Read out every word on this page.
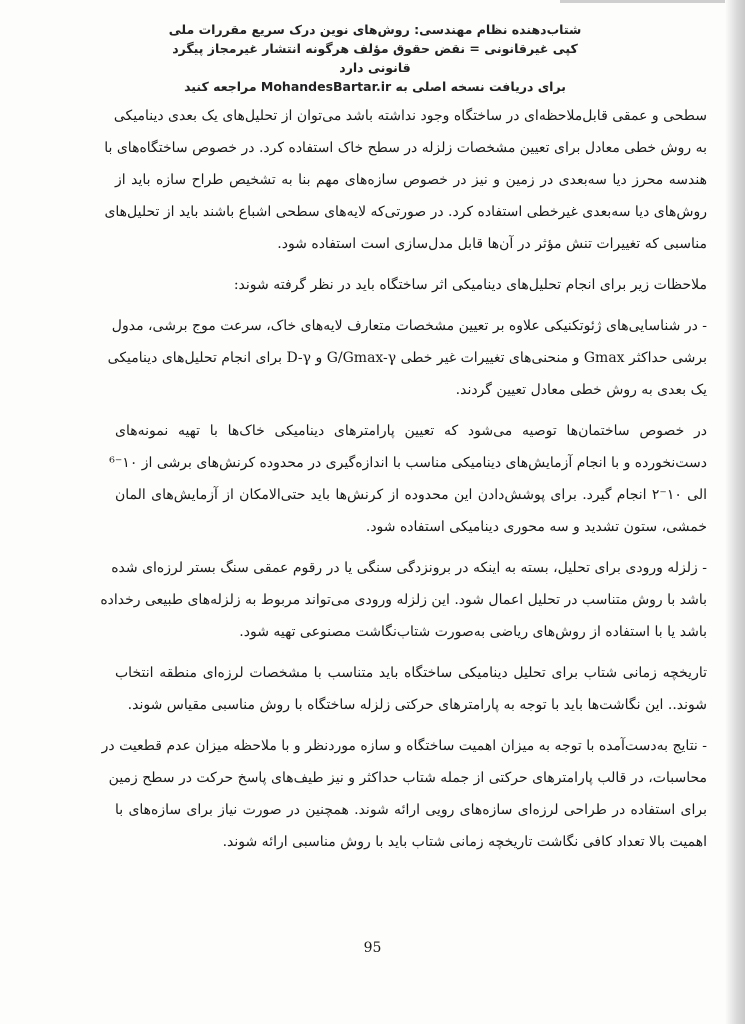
شتاب‌دهنده نظام مهندسی: روش‌های نوین درک سریع مقررات ملی
کپی غیرقانونی = نقض حقوق مؤلف هرگونه انتشار غیرمجاز پیگرد قانونی دارد
برای دریافت نسخه اصلی به MohandesBartar.ir مراجعه کنید
سطحی و عمقی قابل‌ملاحظه‌ای در ساختگاه وجود نداشته باشد می‌توان از تحلیل‌های یک بعدی دینامیکی
به روش خطی معادل برای تعیین مشخصات زلزله در سطح خاک استفاده کرد. در خصوص ساختگاه‌های با
هندسه محرز دیا سه‌بعدی در زمین و نیز در خصوص سازه‌های مهم بنا به تشخیص طراح سازه باید از
روش‌های دیا سه‌بعدی غیرخطی استفاده کرد. در صورتی‌که لایه‌های سطحی اشباع باشند باید از تحلیل‌های
مناسبی که تغییرات تنش مؤثر در آن‌ها قابل مدل‌سازی است استفاده شود.
ملاحظات زیر برای انجام تحلیل‌های دینامیکی اثر ساختگاه باید در نظر گرفته شوند:
- در شناسایی‌های ژئوتکنیکی علاوه بر تعیین مشخصات متعارف لایه‌های خاک، سرعت موج برشی، مدول
برشی حداکثر Gmax و منحنی‌های تغییرات غیر خطی G/Gmax-γ و D-γ برای انجام تحلیل‌های دینامیکی
یک بعدی به روش خطی معادل تعیین گردند.
در خصوص ساختمان‌ها توصیه می‌شود که تعیین پارامترهای دینامیکی خاک‌ها با تهیه نمونه‌های
دست‌نخورده و با انجام آزمایش‌های دینامیکی مناسب با اندازه‌گیری در محدوده کرنش‌های برشی از ۱۰⁻⁶
الی ۱۰⁻۲ انجام گیرد. برای پوشش‌دادن این محدوده از کرنش‌ها باید حتی‌الامکان از آزمایش‌های المان
خمشی، ستون تشدید و سه محوری دینامیکی استفاده شود.
- زلزله ورودی برای تحلیل، بسته به اینکه در برونزدگی سنگی یا در رقوم عمقی سنگ بستر لرزه‌ای شده
باشد با روش متناسب در تحلیل اعمال شود. این زلزله ورودی می‌تواند مربوط به زلزله‌های طبیعی رخداده
باشد یا با استفاده از روش‌های ریاضی به‌صورت شتاب‌نگاشت مصنوعی تهیه شود.
تاریخچه زمانی شتاب برای تحلیل دینامیکی ساختگاه باید متناسب با مشخصات لرزه‌ای منطقه انتخاب
شوند.. این نگاشت‌ها باید با توجه به پارامترهای حرکتی زلزله ساختگاه با روش مناسبی مقیاس شوند.
- نتایج به‌دست‌آمده با توجه به میزان اهمیت ساختگاه و سازه موردنظر و با ملاحظه میزان عدم قطعیت در
محاسبات، در قالب پارامترهای حرکتی از جمله شتاب حداکثر و نیز طیف‌های پاسخ حرکت در سطح زمین
برای استفاده در طراحی لرزه‌ای سازه‌های رویی ارائه شوند. همچنین در صورت نیاز برای سازه‌های با
اهمیت بالا تعداد کافی نگاشت تاریخچه زمانی شتاب باید با روش مناسبی ارائه شوند.
95
